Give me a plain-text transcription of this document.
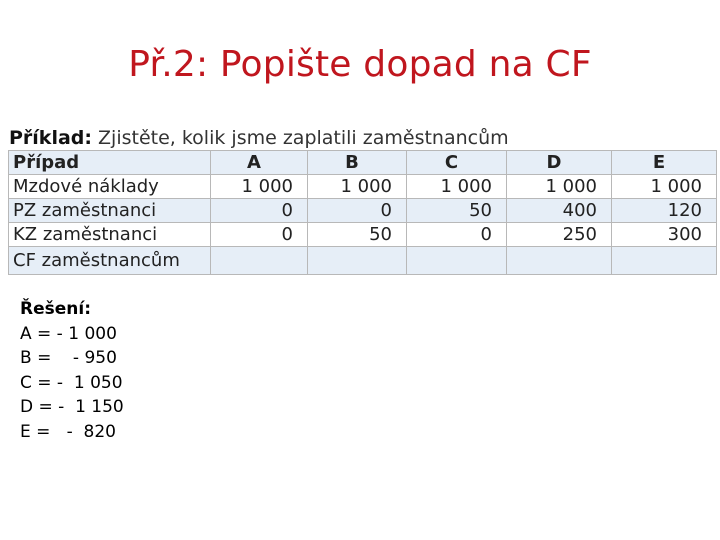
Př.2: Popište dopad na CF
Příklad: Zjistěte, kolik jsme zaplatili zaměstnancům
Případ	A	B	C	D	E
Mzdové náklady	1 000	1 000	1 000	1 000	1 000
PZ zaměstnanci	0	0	50	400	120
KZ zaměstnanci	0	50	0	250	300
CF zaměstnancům					
Řešení:
A = - 1 000
B =    - 950
C = -  1 050
D = -  1 150
E =   -  820
